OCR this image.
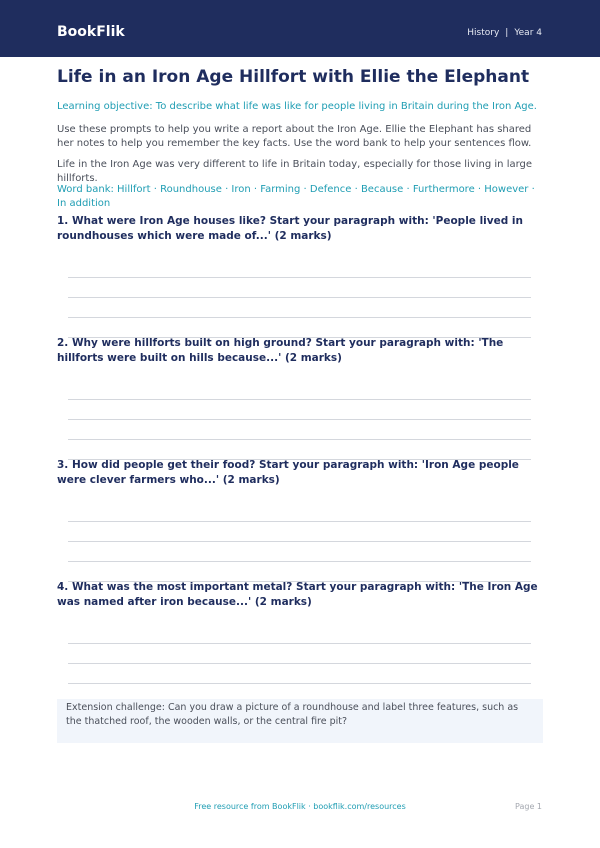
BookFlik	History | Year 4
Life in an Iron Age Hillfort with Ellie the Elephant
Learning objective: To describe what life was like for people living in Britain during the Iron Age.
Use these prompts to help you write a report about the Iron Age. Ellie the Elephant has shared her notes to help you remember the key facts. Use the word bank to help your sentences flow.
Life in the Iron Age was very different to life in Britain today, especially for those living in large hillforts.
Word bank: Hillfort · Roundhouse · Iron · Farming · Defence · Because · Furthermore · However · In addition
1. What were Iron Age houses like? Start your paragraph with: 'People lived in roundhouses which were made of...' (2 marks)
2. Why were hillforts built on high ground? Start your paragraph with: 'The hillforts were built on hills because...' (2 marks)
3. How did people get their food? Start your paragraph with: 'Iron Age people were clever farmers who...' (2 marks)
4. What was the most important metal? Start your paragraph with: 'The Iron Age was named after iron because...' (2 marks)
Extension challenge: Can you draw a picture of a roundhouse and label three features, such as the thatched roof, the wooden walls, or the central fire pit?
Free resource from BookFlik · bookflik.com/resources	Page 1
